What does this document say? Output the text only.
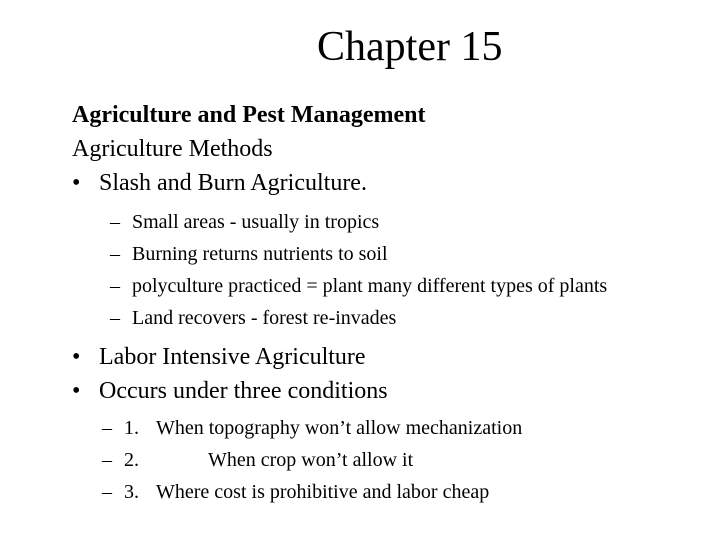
Chapter 15
Agriculture and Pest Management
Agriculture Methods
• Slash and Burn Agriculture.
– Small areas - usually in tropics
– Burning returns nutrients to soil
– polyculture practiced = plant many different types of plants
– Land recovers - forest re-invades
• Labor Intensive Agriculture
• Occurs under three conditions
– 1. When topography won’t allow mechanization
– 2.	When crop won’t allow it
– 3. Where cost is prohibitive and labor cheap
